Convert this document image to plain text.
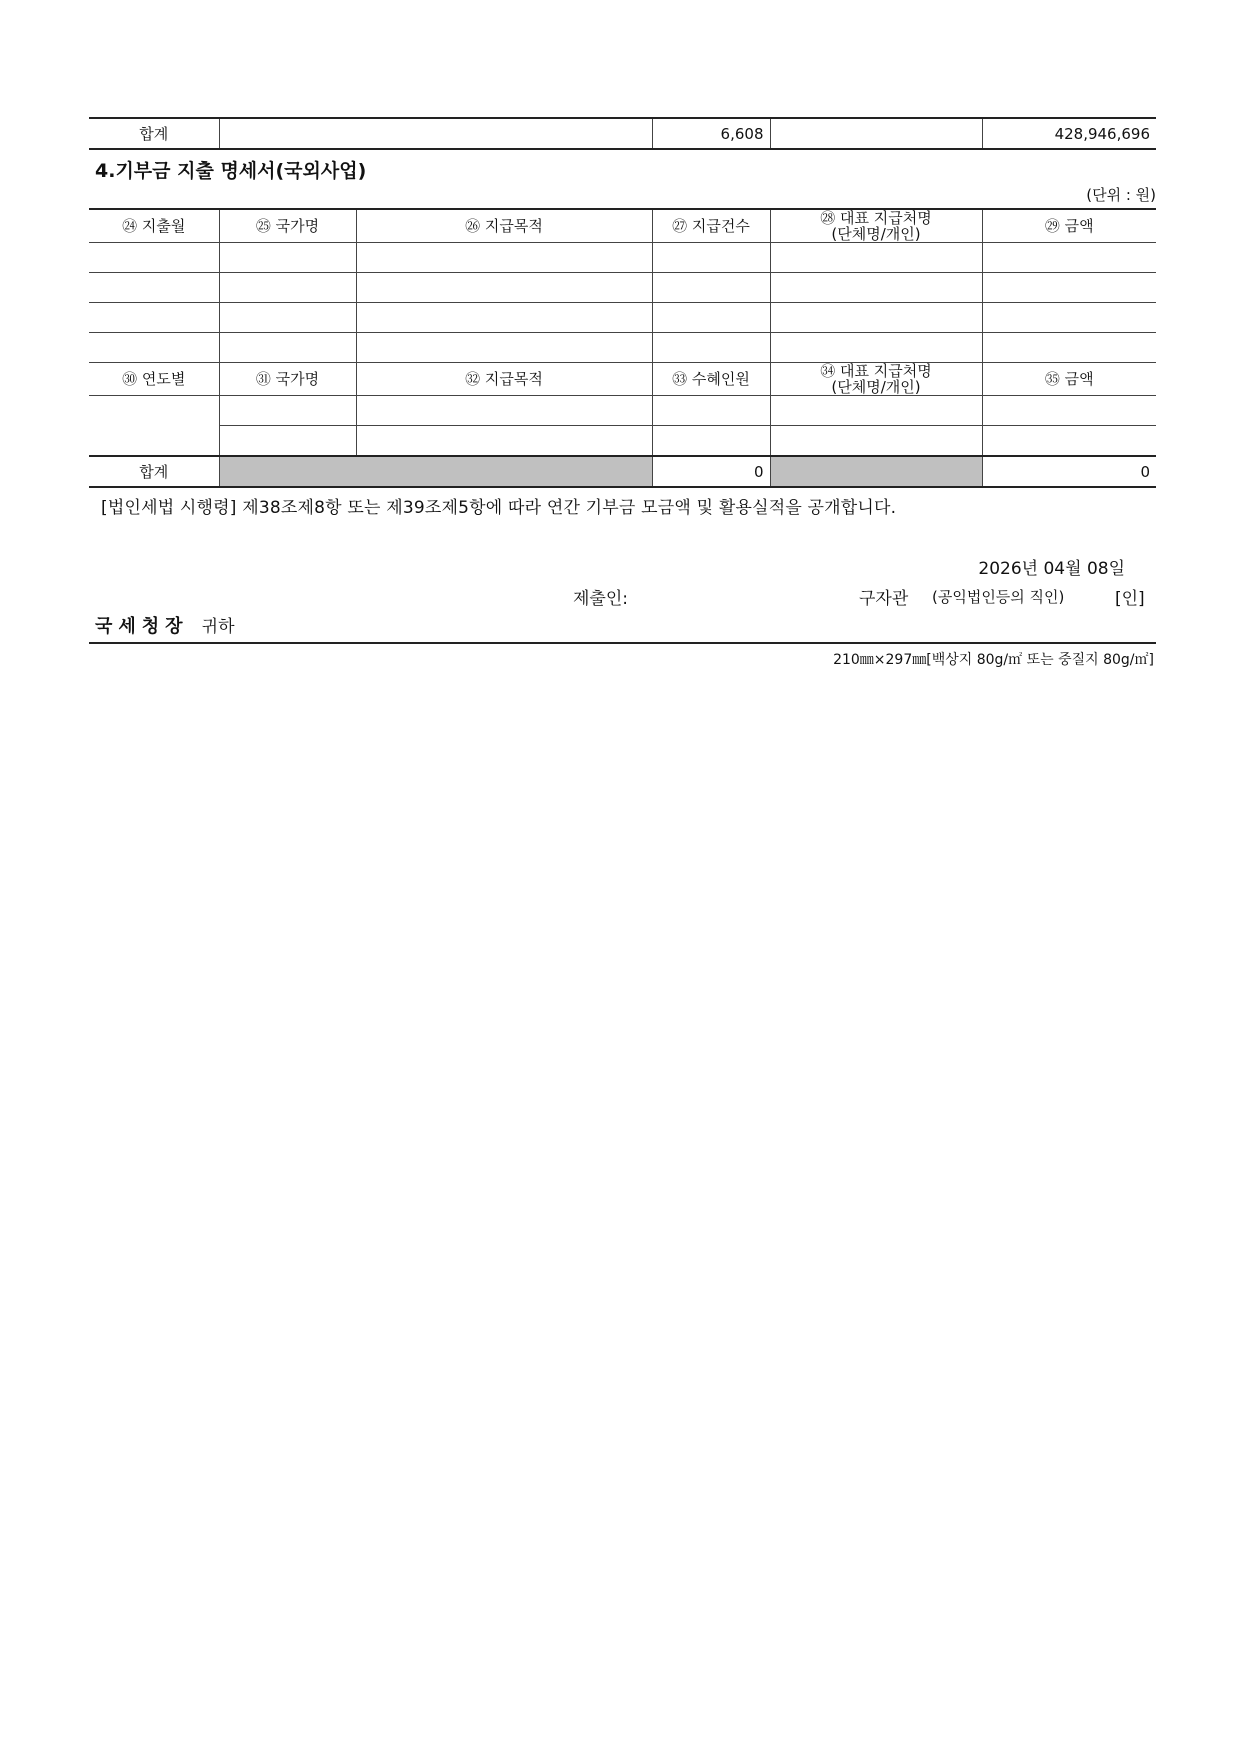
합계		6,608		428,946,696
4.기부금 지출 명세서(국외사업)
(단위 : 원)
㉔ 지출월	㉕ 국가명	㉖ 지급목적	㉗ 지급건수	㉘ 대표 지급처명
(단체명/개인)	㉙ 금액

㉚ 연도별	㉛ 국가명	㉜ 지급목적	㉝ 수혜인원	㉞ 대표 지급처명
(단체명/개인)	㉟ 금액

합계			0		0
[법인세법 시행령] 제38조제8항 또는 제39조제5항에 따라 연간 기부금 모금액 및 활용실적을 공개합니다.
2026년 04월 08일
제출인:	구자관 (공익법인등의 직인)	[인]
국세청장 귀하
210㎜×297㎜[백상지 80g/㎡ 또는 중질지 80g/㎡]
